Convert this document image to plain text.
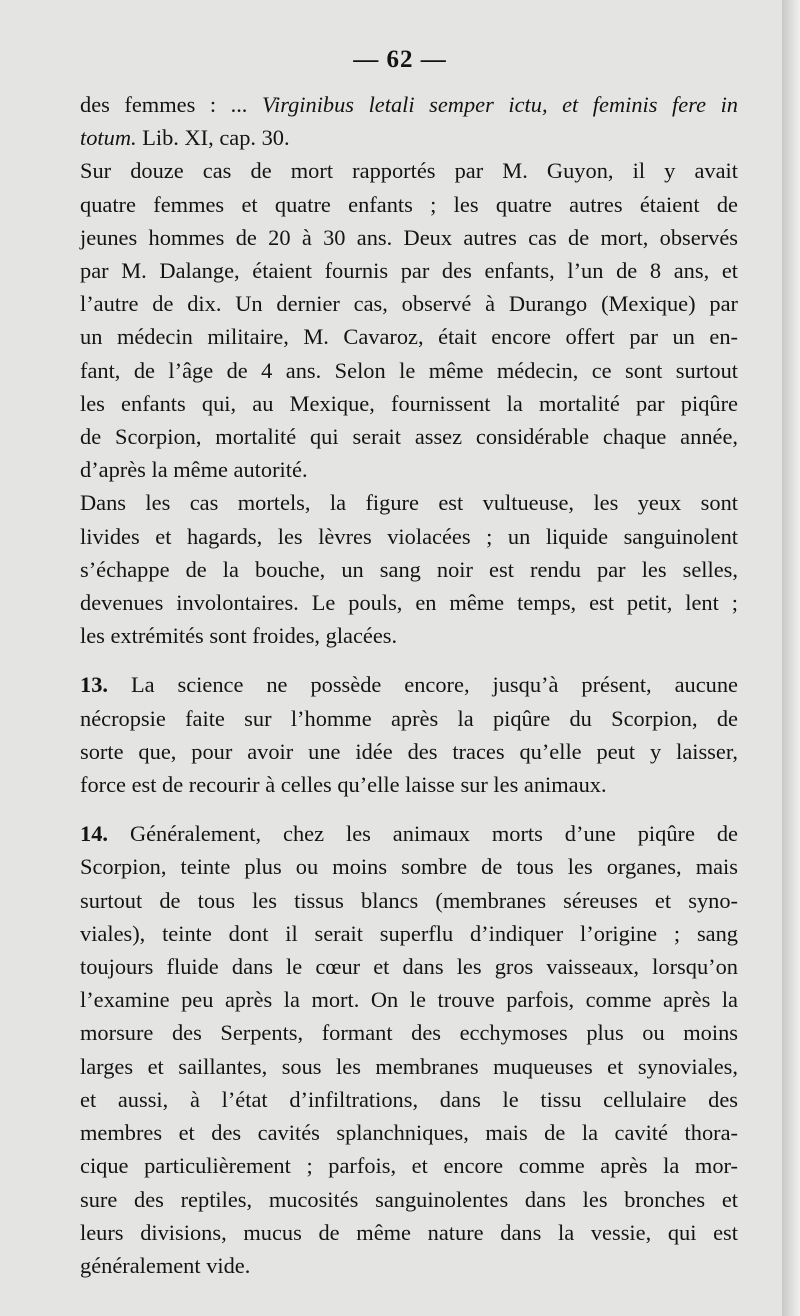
— 62 —
des femmes : ... Virginibus letali semper ictu, et feminis fere in
totum. Lib. XI, cap. 30.
Sur douze cas de mort rapportés par M. Guyon, il y avait
quatre femmes et quatre enfants ; les quatre autres étaient de
jeunes hommes de 20 à 30 ans. Deux autres cas de mort, observés
par M. Dalange, étaient fournis par des enfants, l’un de 8 ans, et
l’autre de dix. Un dernier cas, observé à Durango (Mexique) par
un médecin militaire, M. Cavaroz, était encore offert par un en-
fant, de l’âge de 4 ans. Selon le même médecin, ce sont surtout
les enfants qui, au Mexique, fournissent la mortalité par piqûre
de Scorpion, mortalité qui serait assez considérable chaque année,
d’après la même autorité.
Dans les cas mortels, la figure est vultueuse, les yeux sont
livides et hagards, les lèvres violacées ; un liquide sanguinolent
s’échappe de la bouche, un sang noir est rendu par les selles,
devenues involontaires. Le pouls, en même temps, est petit, lent ;
les extrémités sont froides, glacées.
13. La science ne possède encore, jusqu’à présent, aucune
nécropsie faite sur l’homme après la piqûre du Scorpion, de
sorte que, pour avoir une idée des traces qu’elle peut y laisser,
force est de recourir à celles qu’elle laisse sur les animaux.
14. Généralement, chez les animaux morts d’une piqûre de
Scorpion, teinte plus ou moins sombre de tous les organes, mais
surtout de tous les tissus blancs (membranes séreuses et syno-
viales), teinte dont il serait superflu d’indiquer l’origine ; sang
toujours fluide dans le cœur et dans les gros vaisseaux, lorsqu’on
l’examine peu après la mort. On le trouve parfois, comme après la
morsure des Serpents, formant des ecchymoses plus ou moins
larges et saillantes, sous les membranes muqueuses et synoviales,
et aussi, à l’état d’infiltrations, dans le tissu cellulaire des
membres et des cavités splanchniques, mais de la cavité thora-
cique particulièrement ; parfois, et encore comme après la mor-
sure des reptiles, mucosités sanguinolentes dans les bronches et
leurs divisions, mucus de même nature dans la vessie, qui est
généralement vide.
